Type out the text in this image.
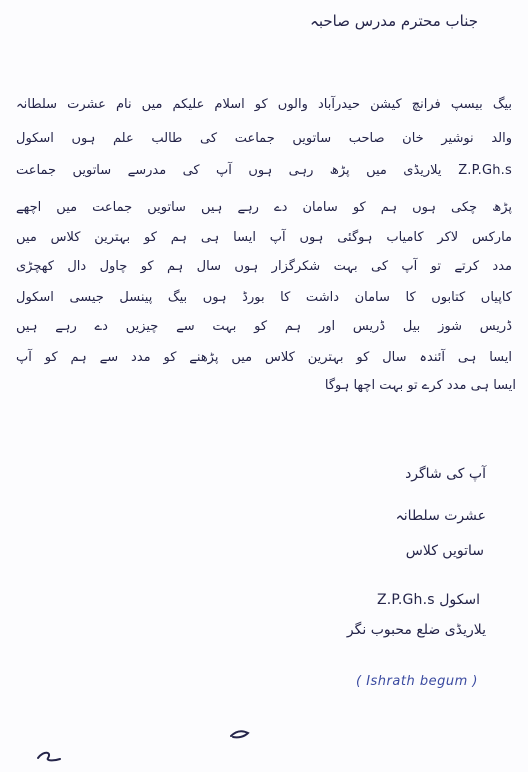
جناب محترم مدرس صاحبہ
بیگ بیسپ فرانچ کیشن حیدرآباد والوں کو اسلام علیکم میں نام عشرت سلطانہ
والد نوشیر خان صاحب ساتویں جماعت کی طالب علم ہوں اسکول
Z.P.Gh.s یلاریڈی میں پڑھ رہی ہوں آپ کی مدرسے ساتویں جماعت
پڑھ چکی ہوں ہم کو سامان دے رہے ہیں ساتویں جماعت میں اچھے
مارکس لاکر کامیاب ہوگئی ہوں آپ ایسا ہی ہم کو بہترین کلاس میں
مدد کرتے تو آپ کی بہت شکرگزار ہوں سال ہم کو چاول دال کھچڑی
کاپیاں کتابوں کا سامان داشت کا بورڈ ہوں بیگ پینسل جیسی اسکول
ڈریس شوز بیل ڈریس اور ہم کو بہت سے چیزیں دے رہے ہیں
ایسا ہی آئندہ سال کو بہترین کلاس میں پڑھنے کو مدد سے ہم کو آپ
ایسا ہی مدد کرے تو بہت اچھا ہوگا
آپ کی شاگرد
عشرت سلطانہ
ساتویں کلاس
اسکول Z.P.Gh.s
یلاریڈی ضلع محبوب نگر
( Ishrath begum )
